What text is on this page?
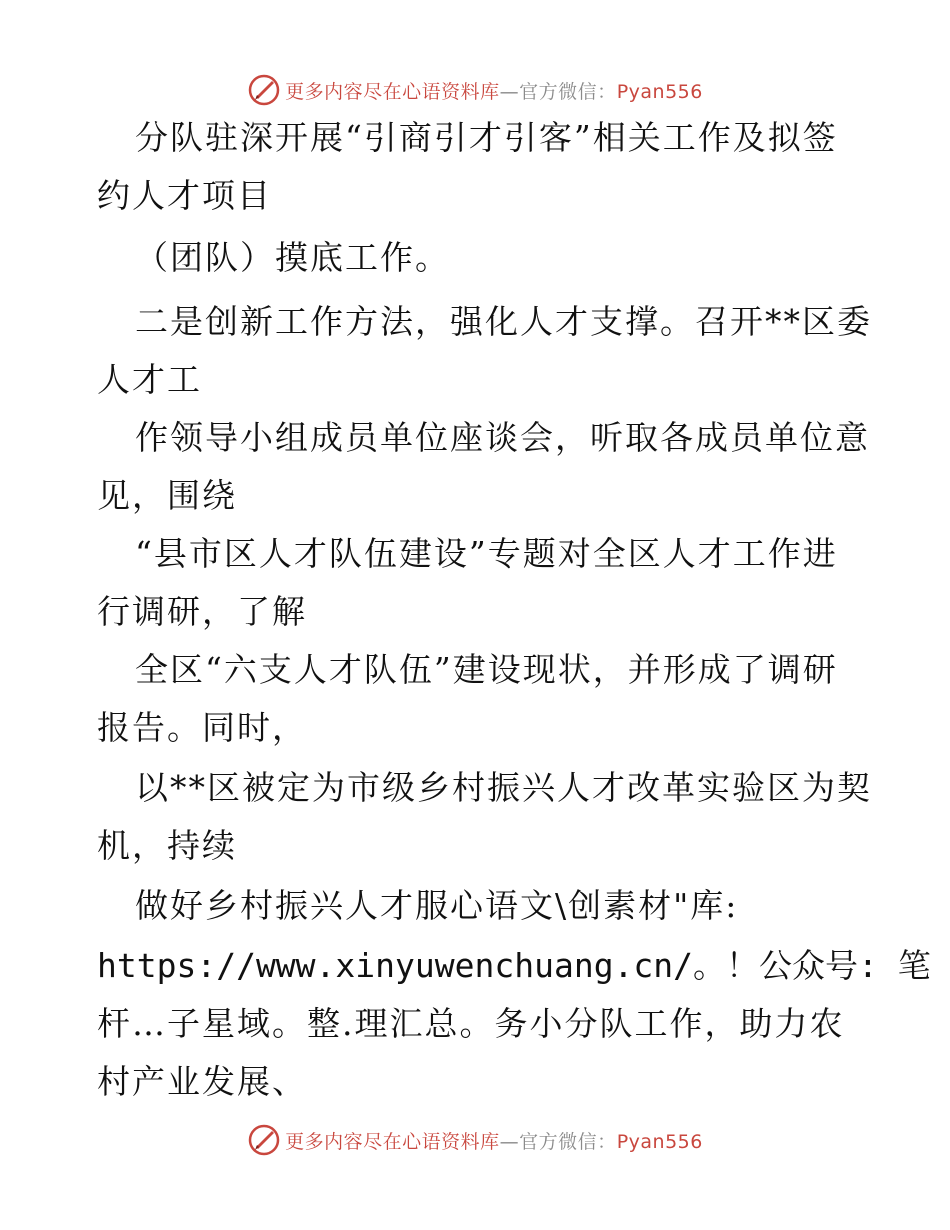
更多内容尽在心语资料库—官方微信：Pyan556
分队驻深开展“引商引才引客”相关工作及拟签
约人才项目
（团队）摸底工作。
二是创新工作方法，强化人才支撑。召开**区委
人才工
作领导小组成员单位座谈会，听取各成员单位意
见，围绕
“县市区人才队伍建设”专题对全区人才工作进
行调研，了解
全区“六支人才队伍”建设现状，并形成了调研
报告。同时，
以**区被定为市级乡村振兴人才改革实验区为契
机，持续
做好乡村振兴人才服心语文\创素材"库:
https://www.xinyuwenchuang.cn/。！公众号: 笔
杆…子星域。整.理汇总。务小分队工作，助力农
村产业发展、
更多内容尽在心语资料库—官方微信：Pyan556
